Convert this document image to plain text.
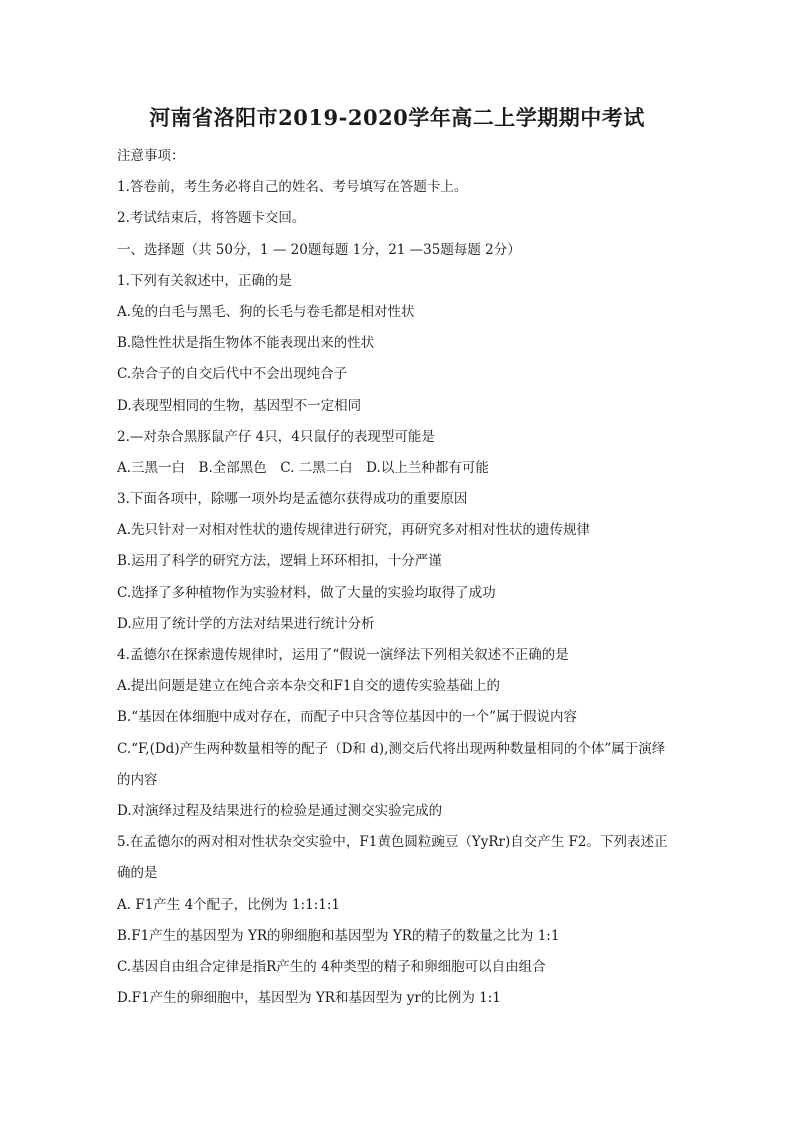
河南省洛阳市2019-2020学年高二上学期期中考试

注意事项：

1.答卷前，考生务必将自己的姓名、考号填写在答题卡上。

2.考试结束后，将答题卡交回。

一、选择题（共 50分，1 — 20题每题 1分，21 —35题每题 2分）

1.下列有关叙述中，正确的是

A.兔的白毛与黑毛、狗的长毛与卷毛都是相对性状

B.隐性性状是指生物体不能表现出来的性状

C.杂合子的自交后代中不会出现纯合子

D.表现型相同的生物，基因型不一定相同

2.—对杂合黑豚鼠产仔 4只，4只鼠仔的表现型可能是

A.三黑一白　B.全部黑色　C. 二黑二白　D.以上兰种都有可能

3.下面各项中，除哪一项外均是孟德尔获得成功的重要原因

A.先只针对一对相对性状的遗传规律进行研究，再研究多对相对性状的遗传规律

B.运用了科学的研究方法，逻辑上环环相扣，十分严谨

C.选择了多种植物作为实验材料，做了大量的实验均取得了成功

D.应用了统计学的方法对结果进行统计分析

4.孟德尔在探索遗传规律时，运用了“假说一演绎法下列相关叙述不正确的是

A.提出问题是建立在纯合亲本杂交和F1自交的遗传实验基础上的

B.“基因在体细胞中成对存在，而配子中只含等位基因中的一个”属于假说内容

C.“F,(Dd)产生两种数量相等的配子（D和 d),测交后代将出现两种数量相同的个体”属于演绎

的内容

D.对演绎过程及结果进行的检验是通过测交实验完成的

5.在孟德尔的两对相对性状杂交实验中，F1黄色圆粒豌豆（YyRr)自交产生 F2。下列表述正

确的是

A. F1产生 4个配子，比例为 1:1:1:1

B.F1产生的基因型为 YR的卵细胞和基因型为 YR的精子的数量之比为 1:1

C.基因自由组合定律是指R产生的 4种类型的精子和卵细胞可以自由组合

D.F1产生的卵细胞中，基因型为 YR和基因型为 yr的比例为 1:1
